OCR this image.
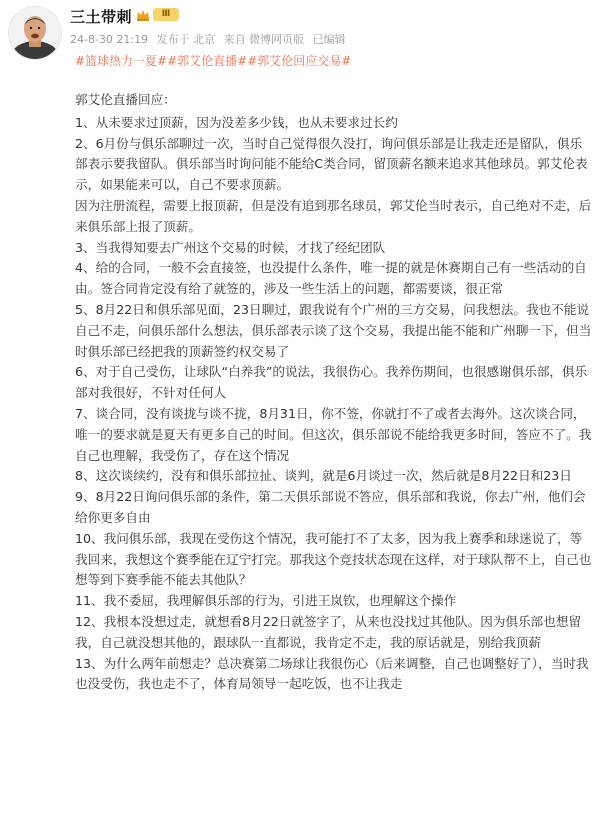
三土带刺	Ⅲ
24-8-30 21:19 发布于 北京 来自 微博网页版 已编辑
#篮球热力一夏##郭艾伦直播##郭艾伦回应交易#

郭艾伦直播回应：

1、从未要求过顶薪，因为没差多少钱，也从未要求过长约

2、6月份与俱乐部聊过一次，当时自己觉得很久没打，询问俱乐部是让我走还是留队，俱乐部表示要我留队。俱乐部当时询问能不能给C类合同，留顶薪名额来追求其他球员。郭艾伦表示，如果能来可以，自己不要求顶薪。

因为注册流程，需要上报顶薪，但是没有追到那名球员，郭艾伦当时表示，自己绝对不走，后来俱乐部上报了顶薪。

3、当我得知要去广州这个交易的时候，才找了经纪团队

4、给的合同，一般不会直接签，也没提什么条件，唯一提的就是休赛期自己有一些活动的自由。签合同肯定没有给了就签的，涉及一些生活上的问题，都需要谈，很正常

5、8月22日和俱乐部见面，23日聊过，跟我说有个广州的三方交易，问我想法。我也不能说自己不走，问俱乐部什么想法，俱乐部表示谈了这个交易，我提出能不能和广州聊一下，但当时俱乐部已经把我的顶薪签约权交易了

6、对于自己受伤，让球队“白养我”的说法，我很伤心。我养伤期间，也很感谢俱乐部，俱乐部对我很好，不针对任何人

7、谈合同，没有谈拢与谈不拢，8月31日，你不签，你就打不了或者去海外。这次谈合同，唯一的要求就是夏天有更多自己的时间。但这次，俱乐部说不能给我更多时间，答应不了。我自己也理解，我受伤了，存在这个情况

8、这次谈续约，没有和俱乐部拉扯、谈判，就是6月谈过一次，然后就是8月22日和23日

9、8月22日询问俱乐部的条件，第二天俱乐部说不答应，俱乐部和我说，你去广州，他们会给你更多自由

10、我问俱乐部，我现在受伤这个情况，我可能打不了太多，因为我上赛季和球迷说了，等我回来，我想这个赛季能在辽宁打完。那我这个竞技状态现在这样，对于球队帮不上，自己也想等到下赛季能不能去其他队？

11、我不委屈，我理解俱乐部的行为，引进王岚钦，也理解这个操作

12、我根本没想过走，就想看8月22日就签字了，从来也没找过其他队。因为俱乐部也想留我，自己就没想其他的，跟球队一直都说，我肯定不走，我的原话就是，别给我顶薪

13、为什么两年前想走？总决赛第二场球让我很伤心（后来调整，自己也调整好了），当时我也没受伤，我也走不了，体育局领导一起吃饭，也不让我走
